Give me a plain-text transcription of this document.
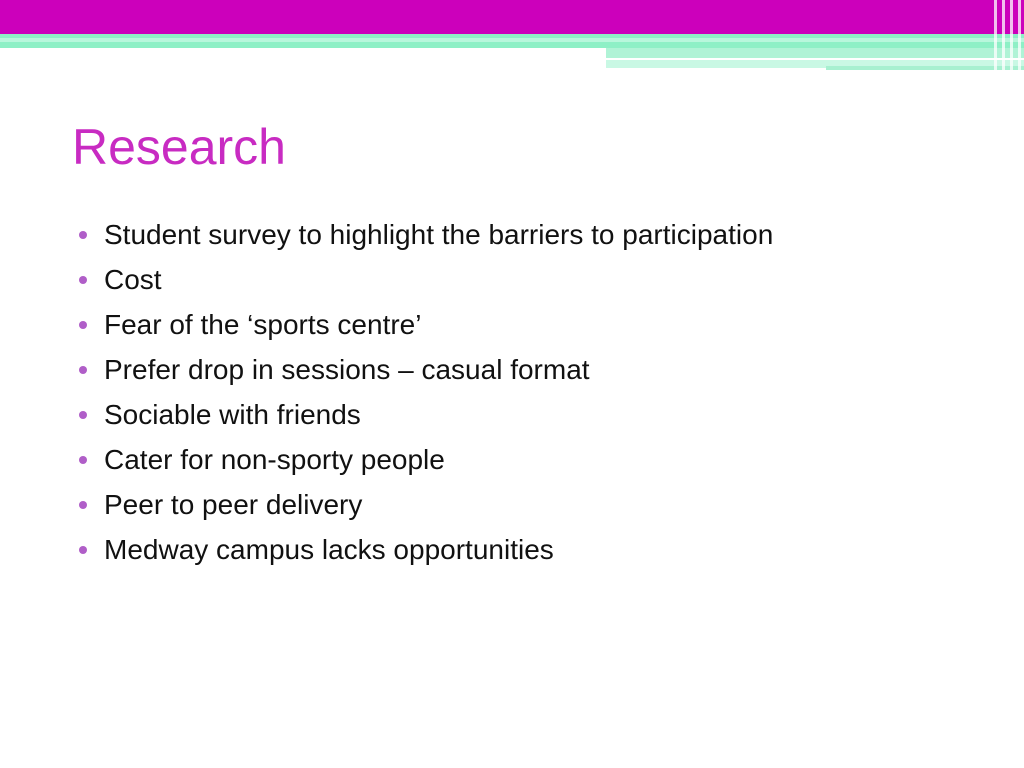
Research
Student survey to highlight the barriers to participation
Cost
Fear of the ‘sports centre’
Prefer drop in sessions – casual format
Sociable with friends
Cater for non-sporty people
Peer to peer delivery
Medway campus lacks opportunities
